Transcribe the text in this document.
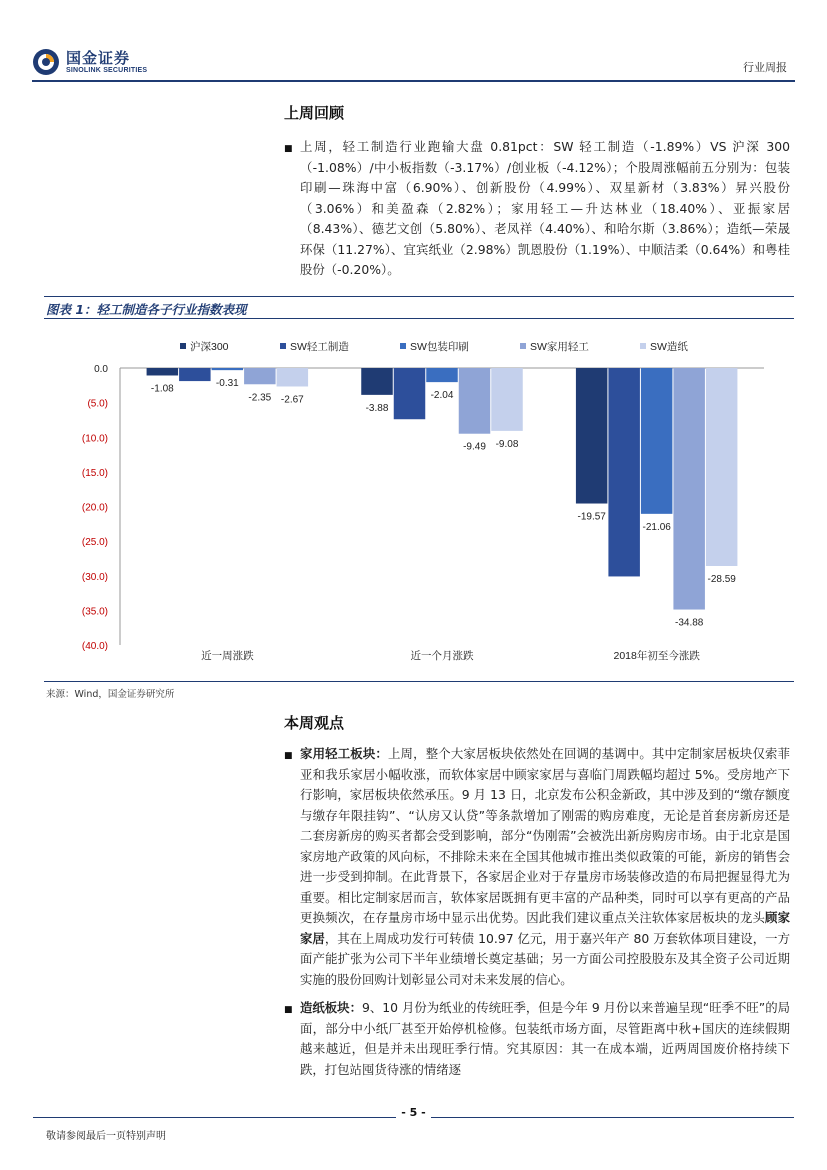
国金证券
SINOLINK SECURITIES	行业周报
上周回顾
■ 上周，轻工制造行业跑输大盘 0.81pct：SW 轻工制造（-1.89%）VS 沪深 300（-1.08%）/中小板指数（-3.17%）/创业板（-4.12%）；个股周涨幅前五分别为：包装印刷—珠海中富（6.90%）、创新股份（4.99%）、双星新材（3.83%）昇兴股份（3.06%）和美盈森（2.82%）；家用轻工—升达林业（18.40%）、亚振家居（8.43%）、德艺文创（5.80%）、老凤祥（4.40%）、和哈尔斯（3.86%）；造纸—荣晟环保（11.27%）、宜宾纸业（2.98%）凯恩股份（1.19%）、中顺洁柔（0.64%）和粤桂股份（-0.20%）。
图表 1：轻工制造各子行业指数表现
沪深300	SW轻工制造	SW包装印刷	SW家用轻工	SW造纸
0.0
(5.0)
(10.0)
(15.0)
(20.0)
(25.0)
(30.0)
(35.0)
(40.0)
-1.08	-0.31
-2.35 -2.67
近一周涨跌
-3.88
-2.04
-9.49 -9.08
近一个月涨跌
-19.57
-21.06
-34.88
-28.59
2018年初至今涨跌
来源：Wind，国金证券研究所
本周观点
■ 家用轻工板块：上周，整个大家居板块依然处在回调的基调中。其中定制家居板块仅索菲亚和我乐家居小幅收涨，而软体家居中顾家家居与喜临门周跌幅均超过 5%。受房地产下行影响，家居板块依然承压。9 月 13 日，北京发布公积金新政，其中涉及到的“缴存额度与缴存年限挂钩”、“认房又认贷”等条款增加了刚需的购房难度，无论是首套房新房还是二套房新房的购买者都会受到影响，部分“伪刚需”会被洗出新房购房市场。由于北京是国家房地产政策的风向标，不排除未来在全国其他城市推出类似政策的可能，新房的销售会进一步受到抑制。在此背景下，各家居企业对于存量房市场装修改造的布局把握显得尤为重要。相比定制家居而言，软体家居既拥有更丰富的产品种类，同时可以享有更高的产品更换频次，在存量房市场中显示出优势。因此我们建议重点关注软体家居板块的龙头顾家家居，其在上周成功发行可转债 10.97 亿元，用于嘉兴年产 80 万套软体项目建设，一方面产能扩张为公司下半年业绩增长奠定基础；另一方面公司控股股东及其全资子公司近期实施的股份回购计划彰显公司对未来发展的信心。
■ 造纸板块：9、10 月份为纸业的传统旺季，但是今年 9 月份以来普遍呈现“旺季不旺”的局面，部分中小纸厂甚至开始停机检修。包装纸市场方面，尽管距离中秋+国庆的连续假期越来越近，但是并未出现旺季行情。究其原因：其一在成本端，近两周国废价格持续下跌，打包站囤货待涨的情绪逐
- 5 -
敬请参阅最后一页特别声明
